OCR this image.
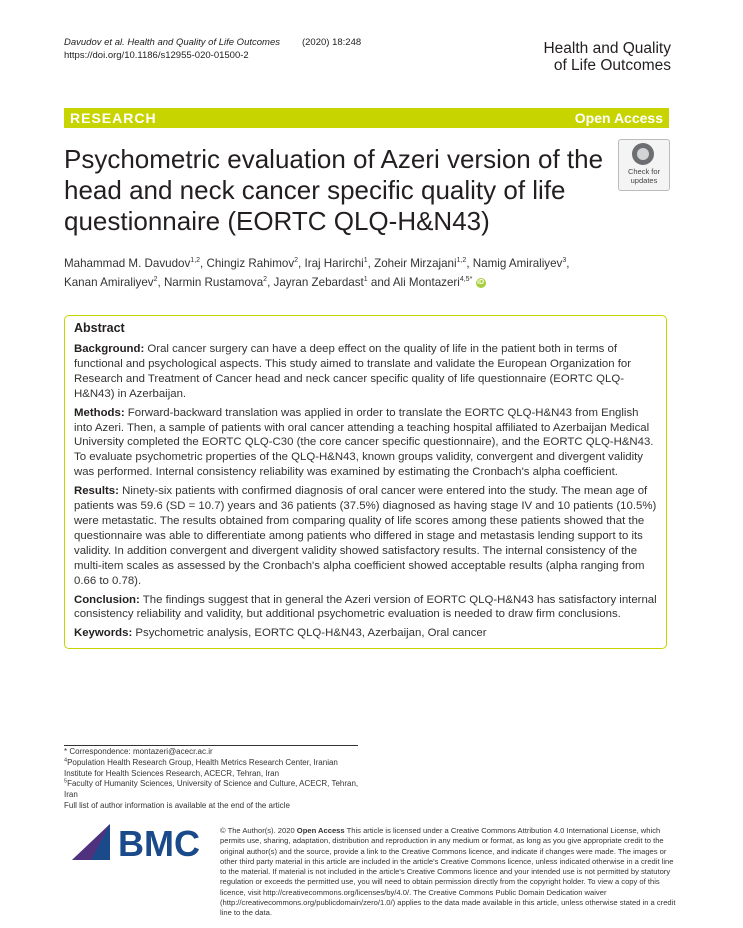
Davudov et al. Health and Quality of Life Outcomes (2020) 18:248
https://doi.org/10.1186/s12955-020-01500-2	Health and Quality
of Life Outcomes
RESEARCH	Open Access
Psychometric evaluation of Azeri version of the head and neck cancer specific quality of life questionnaire (EORTC QLQ-H&N43)
Check for
updates
Mahammad M. Davudov$^{1,2}$, Chingiz Rahimov$^2$, Iraj Harirchi$^1$, Zoheir Mirzajani$^{1,2}$, Namig Amiraliyev$^3$,
Kanan Amiraliyev$^2$, Narmin Rustamova$^2$, Jayran Zebardast$^1$ and Ali Montazeri$^{4,5*}$ iD
Abstract

Background: Oral cancer surgery can have a deep effect on the quality of life in the patient both in terms of functional and psychological aspects. This study aimed to translate and validate the European Organization for Research and Treatment of Cancer head and neck cancer specific quality of life questionnaire (EORTC QLQ-H&N43) in Azerbaijan.

Methods: Forward-backward translation was applied in order to translate the EORTC QLQ-H&N43 from English into Azeri. Then, a sample of patients with oral cancer attending a teaching hospital affiliated to Azerbaijan Medical University completed the EORTC QLQ-C30 (the core cancer specific questionnaire), and the EORTC QLQ-H&N43. To evaluate psychometric properties of the QLQ-H&N43, known groups validity, convergent and divergent validity was performed. Internal consistency reliability was examined by estimating the Cronbach's alpha coefficient.

Results: Ninety-six patients with confirmed diagnosis of oral cancer were entered into the study. The mean age of patients was 59.6 (SD = 10.7) years and 36 patients (37.5%) diagnosed as having stage IV and 10 patients (10.5%) were metastatic. The results obtained from comparing quality of life scores among these patients showed that the questionnaire was able to differentiate among patients who differed in stage and metastasis lending support to its validity. In addition convergent and divergent validity showed satisfactory results. The internal consistency of the multi-item scales as assessed by the Cronbach's alpha coefficient showed acceptable results (alpha ranging from 0.66 to 0.78).

Conclusion: The findings suggest that in general the Azeri version of EORTC QLQ-H&N43 has satisfactory internal consistency reliability and validity, but additional psychometric evaluation is needed to draw firm conclusions.

Keywords: Psychometric analysis, EORTC QLQ-H&N43, Azerbaijan, Oral cancer

* Correspondence: montazeri@acecr.ac.ir
$^4$Population Health Research Group, Health Metrics Research Center, Iranian Institute for Health Sciences Research, ACECR, Tehran, Iran
$^5$Faculty of Humanity Sciences, University of Science and Culture, ACECR, Tehran, Iran
Full list of author information is available at the end of the article
BMC	© The Author(s). 2020 Open Access This article is licensed under a Creative Commons Attribution 4.0 International License, which permits use, sharing, adaptation, distribution and reproduction in any medium or format, as long as you give appropriate credit to the original author(s) and the source, provide a link to the Creative Commons licence, and indicate if changes were made. The images or other third party material in this article are included in the article's Creative Commons licence, unless indicated otherwise in a credit line to the material. If material is not included in the article's Creative Commons licence and your intended use is not permitted by statutory regulation or exceeds the permitted use, you will need to obtain permission directly from the copyright holder. To view a copy of this licence, visit http://creativecommons.org/licenses/by/4.0/. The Creative Commons Public Domain Dedication waiver (http://creativecommons.org/publicdomain/zero/1.0/) applies to the data made available in this article, unless otherwise stated in a credit line to the data.
